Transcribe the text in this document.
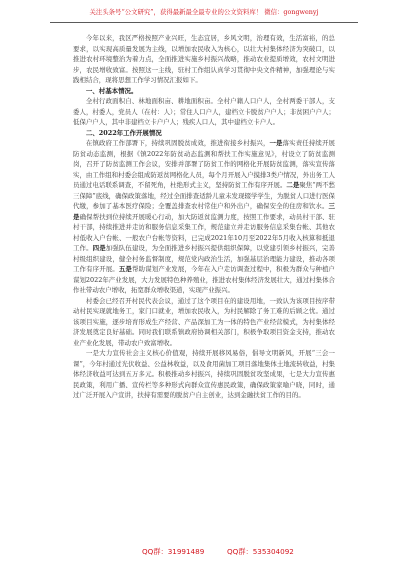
关注头条号“公文研究”，获得最新最全最专业的公文资料库！ 微信：gongwenyj

今年以来，我区严格按照产业兴旺，生态宜居，乡风文明，治理有效，生活富裕，的总要求，以实现高质量发展为主线，以增加农民收入为核心，以壮大村集体经济为突破口，以推进农村环境整治为着力点，全面推进实施乡村振兴战略，推动农业提质增效，农村文明进步，农民增收致富。按照这一主线，驻村工作组认真学习贯彻中央文件精神，加强理论与实践相结合，现将思想工作学习情况汇报如下。

一、村基本情况。

全村行政面积自、林地面积亩、耕地面积亩。全村户籍人口户人，全村两委干部人，支委人，村委人，党员人（在村：人）；常住人口户人，建档立卡脱贫户户人；非贫困户户人；低保户户人，其中非建档立卡户户人；残疾人口人，其中建档立卡户人。

二、2022年工作开展情况

在镇政府工作部署下，持续巩固脱贫成效，推进衔接乡村振兴，一是落实责任持续开展防贫动态监测，根据《镇2022年防贫动态监测和帮扶工作实施意见》，村设立了防贫监测岗，召开了防贫监测工作会议，安排并部署了防贫工作的网格化开展防贫监测，落实宣传落实，由工作组和村委会组成防返贫网格化人员，每个月开展入户摸排3类户情况，外出务工人员通过电话联系调查，不留死角，杜绝形式主义，坚持防贫工作有序开展。二是聚焦“两不愁三保障”底线，确保政策落地，经过全面排查适龄儿童未发现辍学学生，为脱贫人口进行医保代缴，参加了基本医疗保险；全覆盖排查农村常住户和外出户，确保安全的住房和饮水。三是确保帮扶到位持续开展暖心行动，加大防返贫监测力度，按照工作要求，动员村干部、驻村干部，持续推进并走访和服务信息采集工作，规范建立并走访服务信息采集台帐、其他农村低收入户台帐、一般农户台帐等资料，已完成2021年10月至2022年5月收入核算和抵退工作。四是加强队伍建设，为全面推进乡村振兴提供组织保障，以党建引领乡村振兴，完善村级组织建设，健全村务监督制度，规范党内政治生活，加强基层治理能力建设，推动各项工作有序开展。五是帮助谋划产业发展，今年在入户走访调查过程中，积极为群众与种植户谋划2022年产业发展，大力发展特色种养殖业，推进农村集体经济发展壮大，通过村集体合作社带动农户增收，拓宽群众增收渠道，实现产业振兴。

村委会已经召开村民代表会议，通过了这个项目在的建设用地，一致认为该项目按序带动村民实现就地务工，家门口就业，增加农民收入，为村民解除了务工难的后顾之忧。通过该项目实施，逐步培育形成生产经营、产品深加工为一体的特色产业经营模式，为村集体经济发展奠定良好基础。同时我们联系镇政府协调相关部门，积极争取项目资金支持，推动农业产业化发展，带动农户致富增收。

一是大力宣传社会主义核心价值观，持续开展移风易俗，倡导文明新风，开展“三会一课”，今年村通过光伏收益、公益林收益，以及食用菌加工项目落地集体土地流转收益，村集体经济收益可达到五万多元。积极推动乡村振兴，持续巩固脱贫攻坚成果，七是大力宣传惠民政策，利用广播、宣传栏等多种形式向群众宣传惠民政策，确保政策家喻户晓，同时，通过广泛开展入户宣讲，扶持有需要的脱贫户自主创业，达到金融扶贫工作的目的。

QQ群：31991489	QQ群：535304092
